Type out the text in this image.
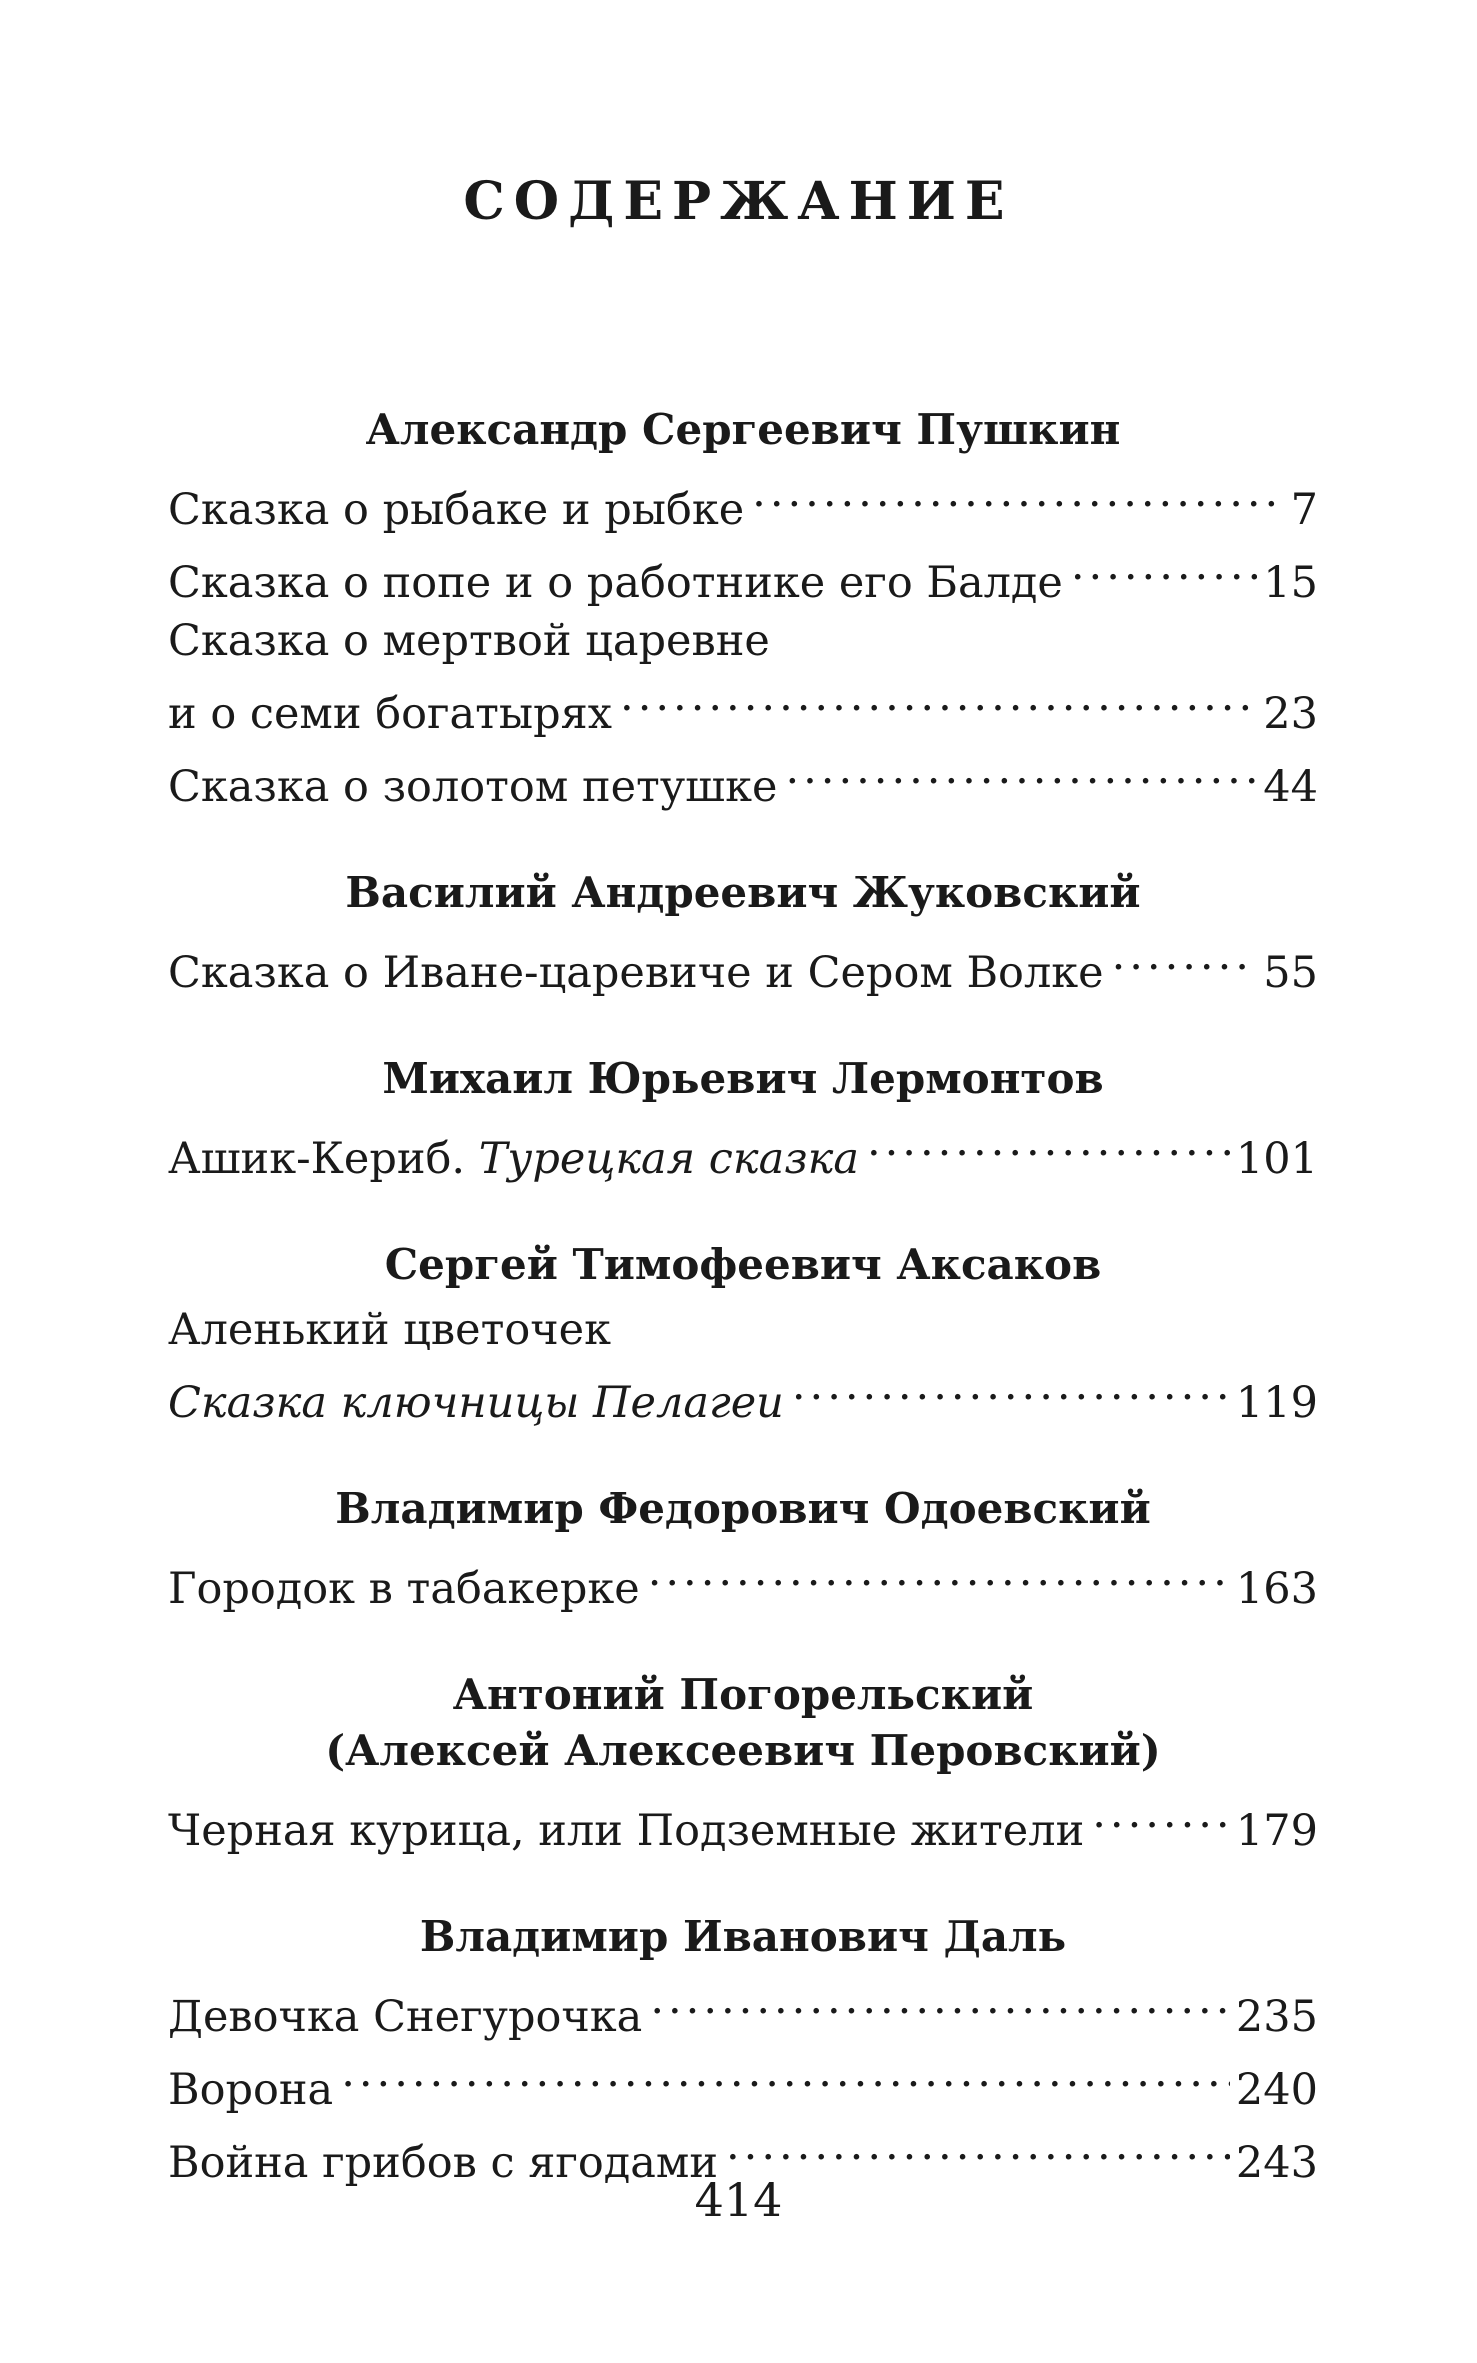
СОДЕРЖАНИЕ
Александр Сергеевич Пушкин
Сказка о рыбаке и рыбке .....	7
Сказка о попе и о работнике его Балде .....	15
Сказка о мертвой царевне
и о семи богатырях .....	23
Сказка о золотом петушке .....	44
Василий Андреевич Жуковский
Сказка о Иване-царевиче и Сером Волке .....	55
Михаил Юрьевич Лермонтов
Ашик-Кериб. Турецкая сказка .....	101
Сергей Тимофеевич Аксаков
Аленький цветочек
Сказка ключницы Пелагеи .....	119
Владимир Федорович Одоевский
Городок в табакерке .....	163
Антоний Погорельский
(Алексей Алексеевич Перовский)
Черная курица, или Подземные жители .....	179
Владимир Иванович Даль
Девочка Снегурочка .....	235
Ворона .....	240
Война грибов с ягодами .....	243
414
